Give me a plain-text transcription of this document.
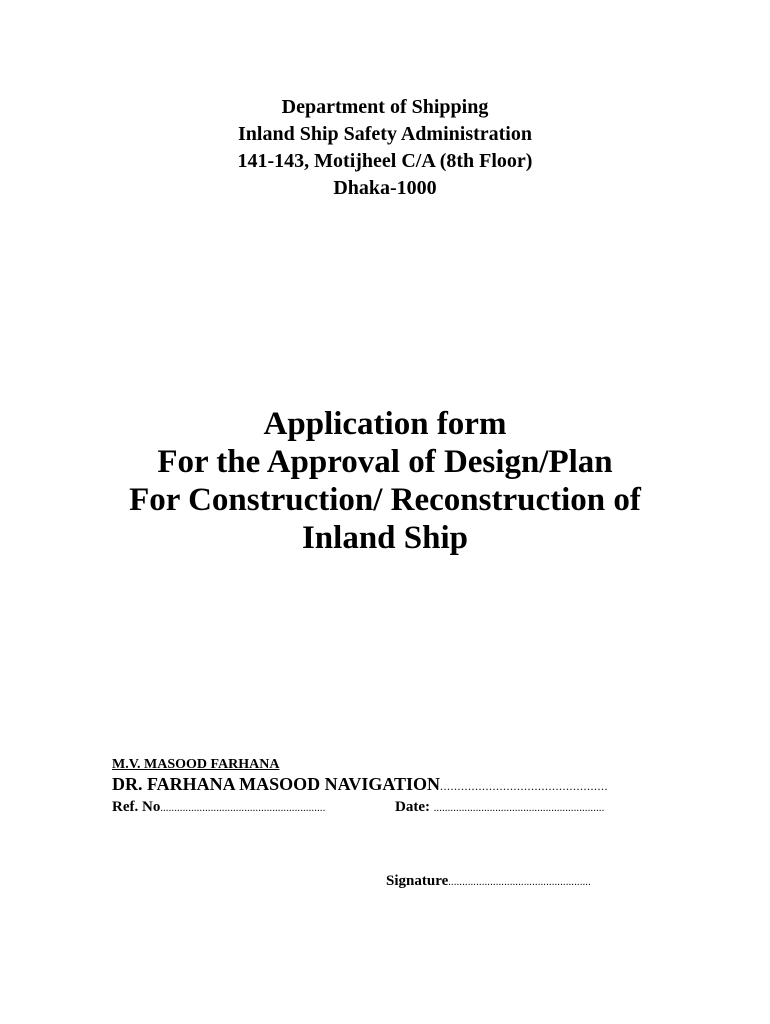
Department of Shipping
Inland Ship Safety Administration
141-143, Motijheel C/A (8th Floor)
Dhaka-1000
Application form
For the Approval of Design/Plan
For Construction/ Reconstruction of
Inland Ship
M.V. MASOOD FARHANA
DR. FARHANA MASOOD NAVIGATION................................................
Ref. No...........................................................	Date: .............................................................
Signature...................................................
